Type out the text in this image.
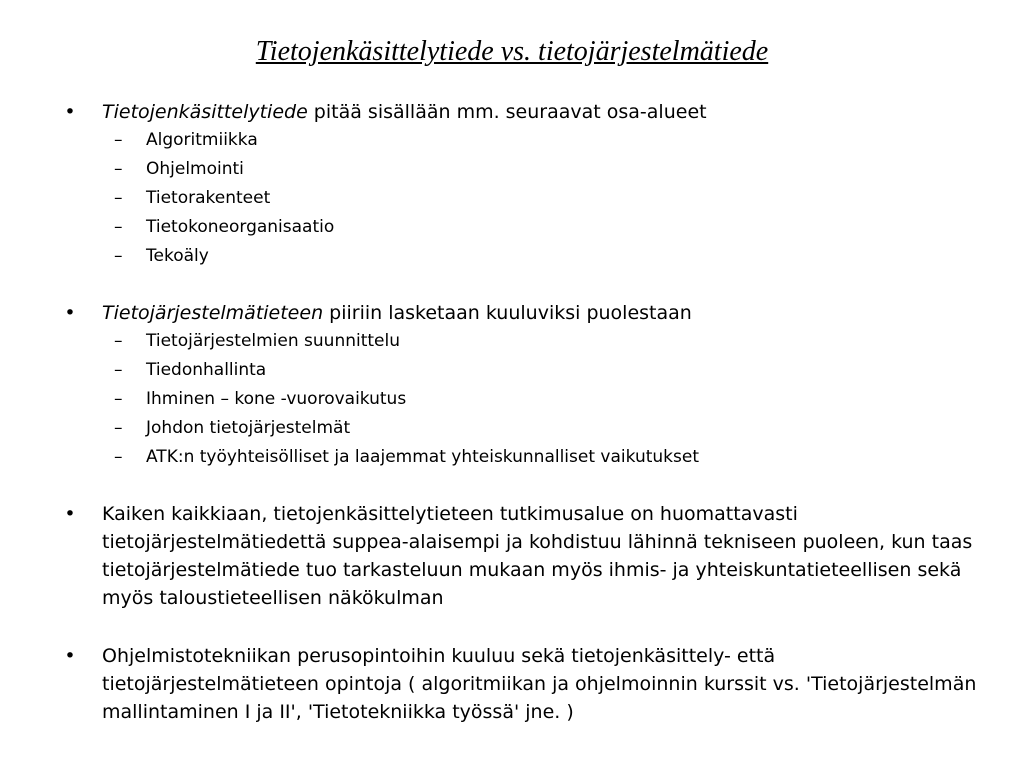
Tietojenkäsittelytiede vs. tietojärjestelmätiede
• Tietojenkäsittelytiede pitää sisällään mm. seuraavat osa-alueet
– Algoritmiikka
– Ohjelmointi
– Tietorakenteet
– Tietokoneorganisaatio
– Tekoäly
• Tietojärjestelmätieteen piiriin lasketaan kuuluviksi puolestaan
– Tietojärjestelmien suunnittelu
– Tiedonhallinta
– Ihminen – kone -vuorovaikutus
– Johdon tietojärjestelmät
– ATK:n työyhteisölliset ja laajemmat yhteiskunnalliset vaikutukset
• Kaiken kaikkiaan, tietojenkäsittelytieteen tutkimusalue on huomattavasti tietojärjestelmätiedettä suppea-alaisempi ja kohdistuu lähinnä tekniseen puoleen, kun taas tietojärjestelmätiede tuo tarkasteluun mukaan myös ihmis- ja yhteiskuntatieteellisen sekä myös taloustieteellisen näkökulman
• Ohjelmistotekniikan perusopintoihin kuuluu sekä tietojenkäsittely- että tietojärjestelmätieteen opintoja ( algoritmiikan ja ohjelmoinnin kurssit vs. 'Tietojärjestelmän mallintaminen I ja II', 'Tietotekniikka työssä' jne. )
